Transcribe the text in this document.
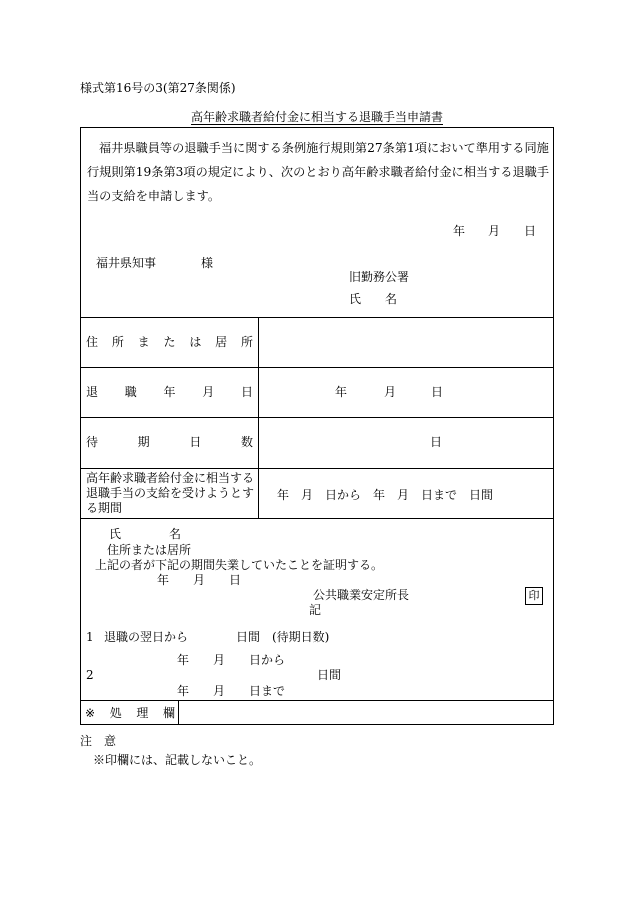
様式第16号の3(第27条関係)
高年齢求職者給付金に相当する退職手当申請書
福井県職員等の退職手当に関する条例施行規則第27条第1項において準用する同施行規則第19条第3項の規定により、次のとおり高年齢求職者給付金に相当する退職手当の支給を申請します。
年 月 日
福井県知事	様
旧勤務公署
氏　　名
住 所 ま た は 居 所
退 職 年 月 日	年	月	日
待	期	日	数	日
高年齢求職者給付金に相当する
退職手当の支給を受けようとす
る期間
年　月　日から　年　月　日まで　日間
氏　　　　名
住所または居所
上記の者が下記の期間失業していたことを証明する。
年　　月　　日
公共職業安定所長	印
記
1 退職の翌日から　　　　日間　(待期日数)
年　　月　　日から
2	日間
年　　月　　日まで
※ 処 理 欄
注　意
※印欄には、記載しないこと。
